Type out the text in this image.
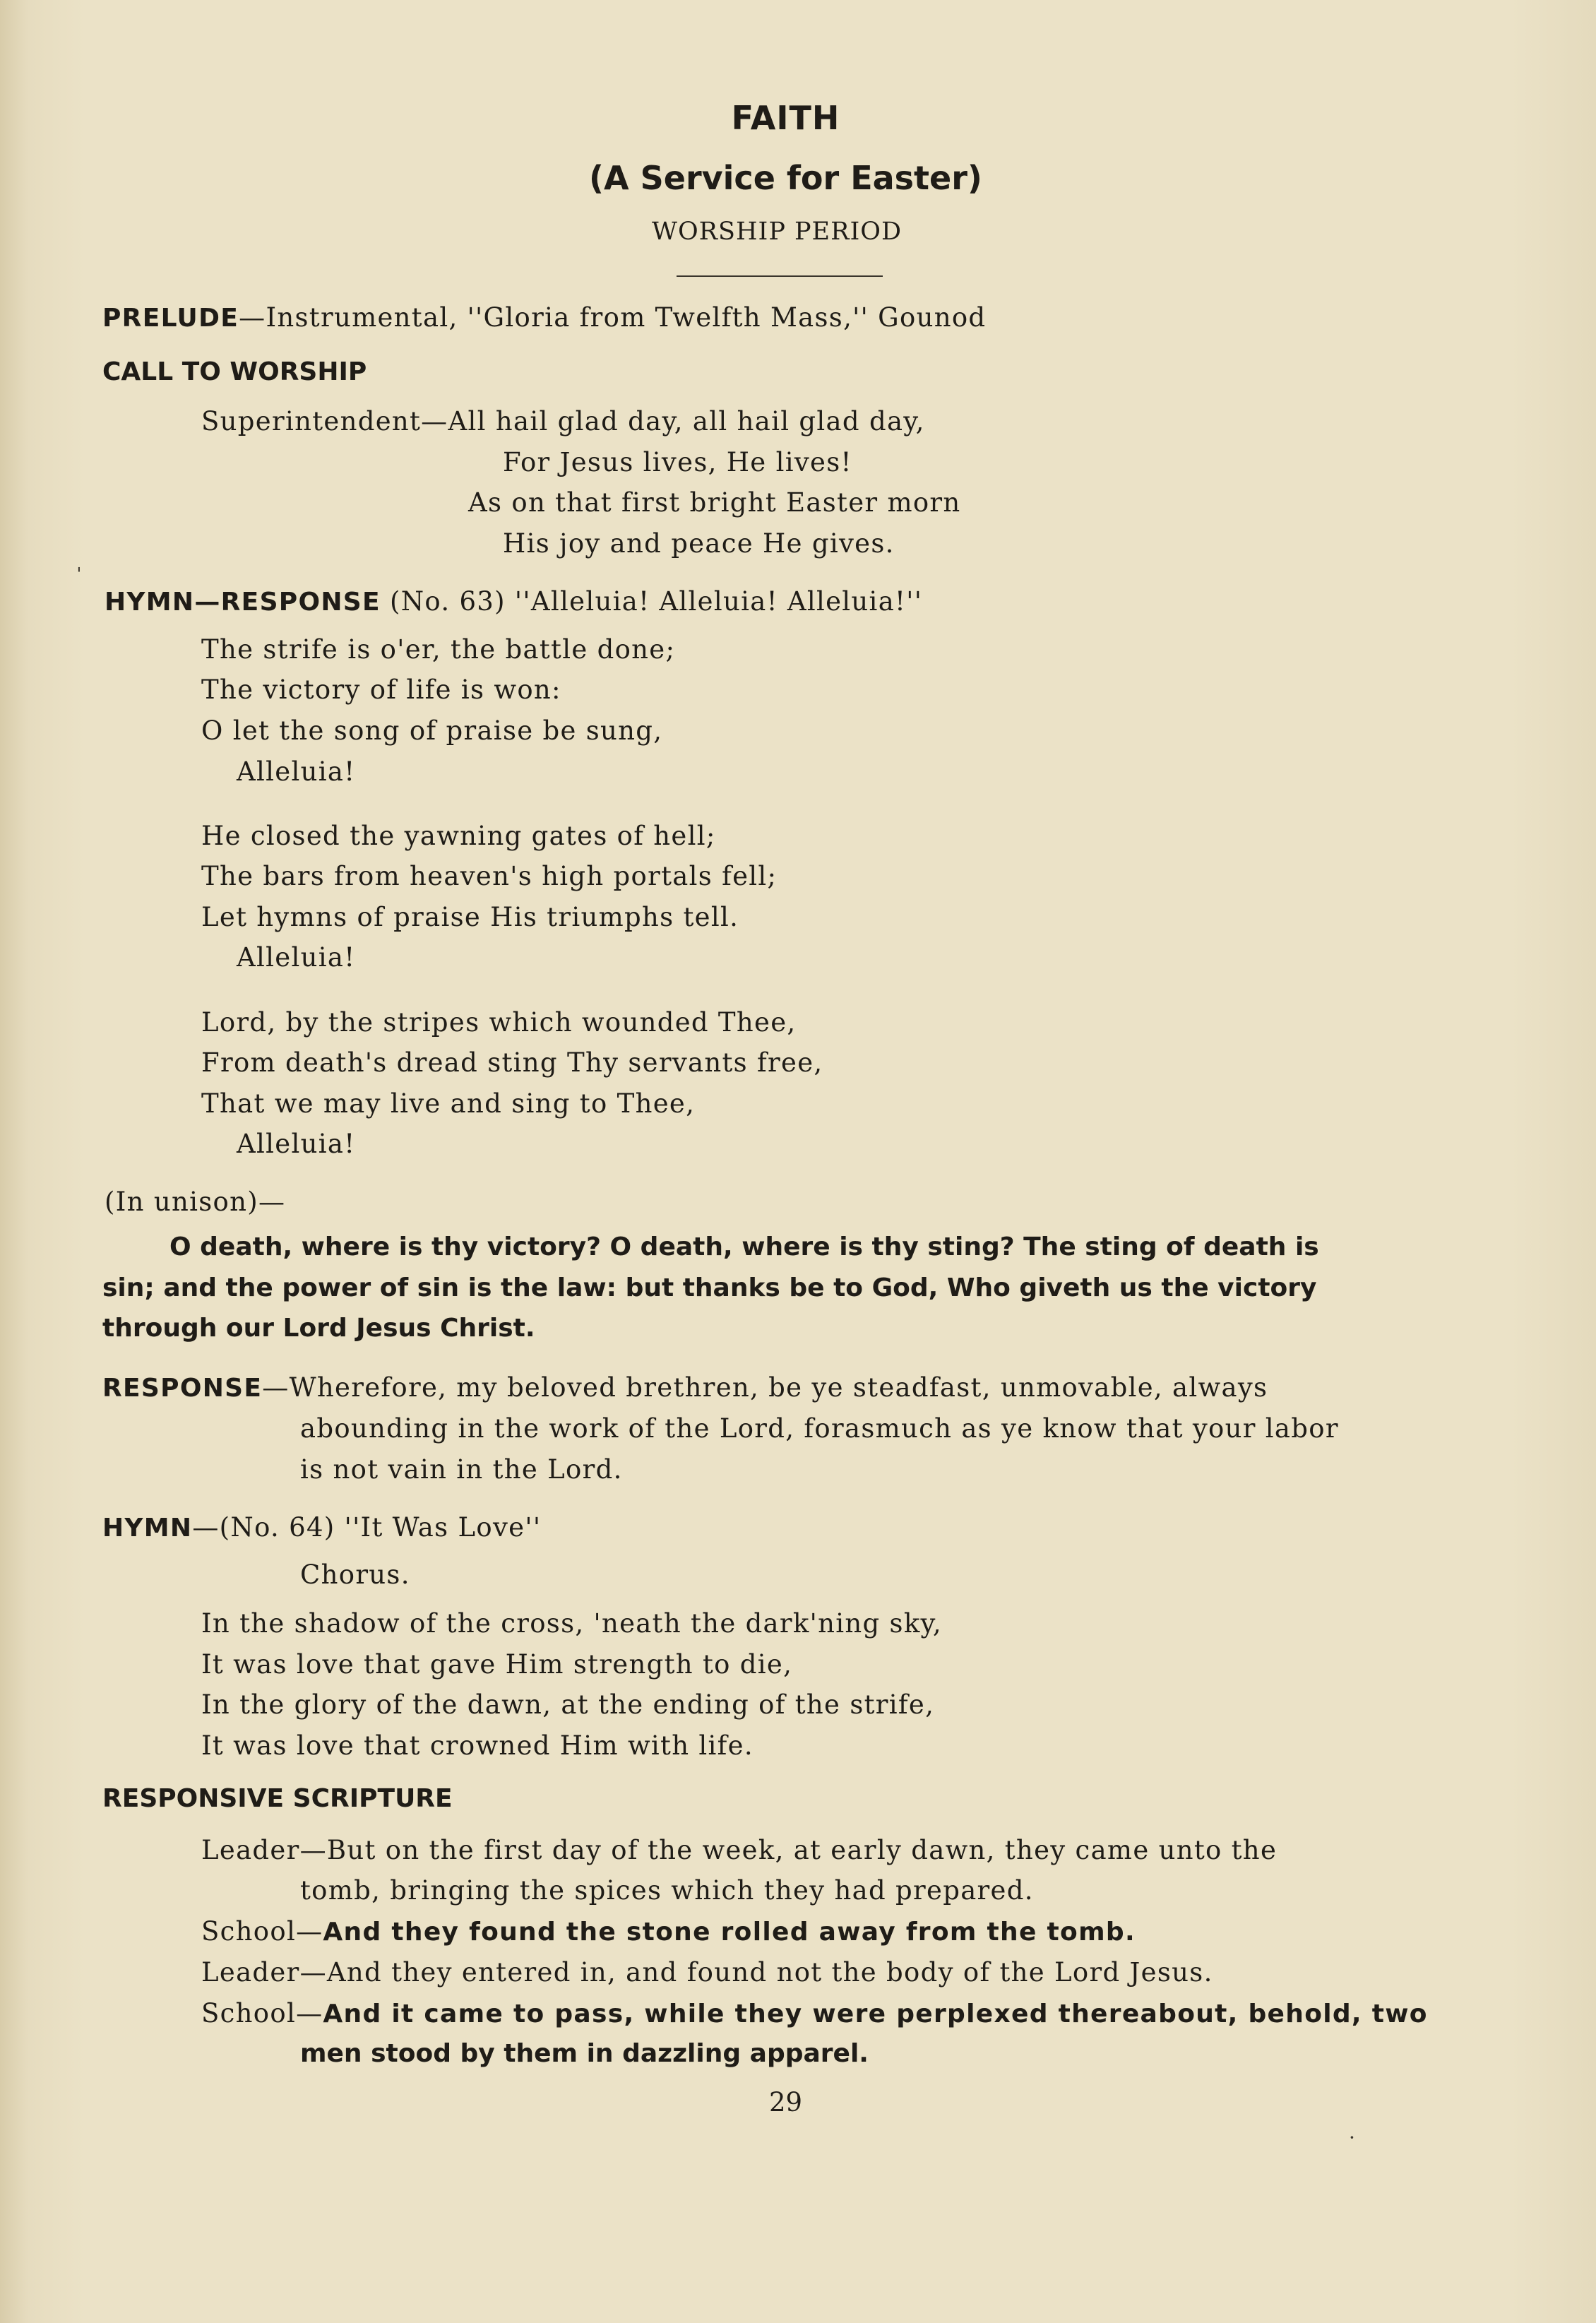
FAITH
(A Service for Easter)
WORSHIP PERIOD
PRELUDE—Instrumental, ''Gloria from Twelfth Mass,'' Gounod
CALL TO WORSHIP
Superintendent—All hail glad day, all hail glad day,
For Jesus lives, He lives!
As on that first bright Easter morn
His joy and peace He gives.
HYMN—RESPONSE (No. 63) ''Alleluia! Alleluia! Alleluia!''
The strife is o'er, the battle done;
The victory of life is won:
O let the song of praise be sung,
Alleluia!
He closed the yawning gates of hell;
The bars from heaven's high portals fell;
Let hymns of praise His triumphs tell.
Alleluia!
Lord, by the stripes which wounded Thee,
From death's dread sting Thy servants free,
That we may live and sing to Thee,
Alleluia!
(In unison)—
O death, where is thy victory? O death, where is thy sting? The sting of death is
sin; and the power of sin is the law: but thanks be to God, Who giveth us the victory
through our Lord Jesus Christ.
RESPONSE—Wherefore, my beloved brethren, be ye steadfast, unmovable, always
abounding in the work of the Lord, forasmuch as ye know that your labor
is not vain in the Lord.
HYMN—(No. 64) ''It Was Love''
Chorus.
In the shadow of the cross, 'neath the dark'ning sky,
It was love that gave Him strength to die,
In the glory of the dawn, at the ending of the strife,
It was love that crowned Him with life.
RESPONSIVE SCRIPTURE
Leader—But on the first day of the week, at early dawn, they came unto the
tomb, bringing the spices which they had prepared.
School—And they found the stone rolled away from the tomb.
Leader—And they entered in, and found not the body of the Lord Jesus.
School—And it came to pass, while they were perplexed thereabout, behold, two
men stood by them in dazzling apparel.
29
ˌ
·
